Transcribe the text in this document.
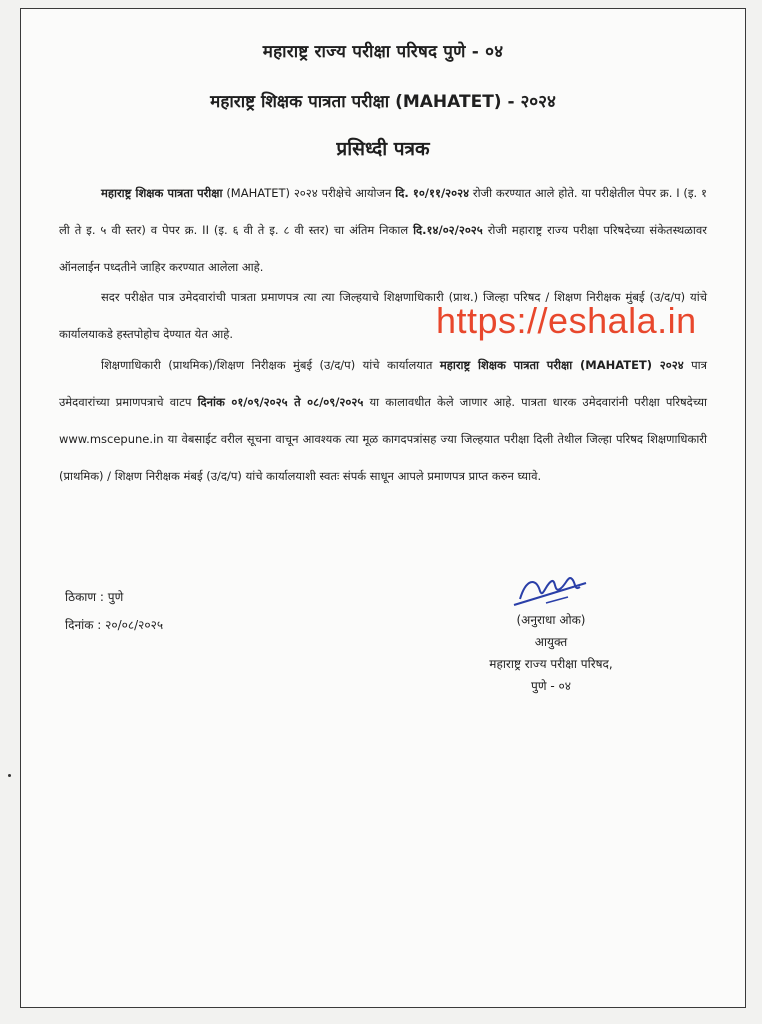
महाराष्ट्र राज्य परीक्षा परिषद पुणे - ०४
महाराष्ट्र शिक्षक पात्रता परीक्षा (MAHATET) - २०२४
प्रसिध्दी पत्रक

महाराष्ट्र शिक्षक पात्रता परीक्षा (MAHATET) २०२४ परीक्षेचे आयोजन दि. १०/११/२०२४ रोजी करण्यात आले होते. या परीक्षेतील पेपर क्र. I (इ. १ ली ते इ. ५ वी स्तर) व पेपर क्र. II (इ. ६ वी ते इ. ८ वी स्तर) चा अंतिम निकाल दि.१४/०२/२०२५ रोजी महाराष्ट्र राज्य परीक्षा परिषदेच्या संकेतस्थळावर ऑनलाईन पध्दतीने जाहिर करण्यात आलेला आहे.

सदर परीक्षेत पात्र उमेदवारांची पात्रता प्रमाणपत्र त्या त्या जिल्हयाचे शिक्षणाधिकारी (प्राथ.) जिल्हा परिषद / शिक्षण निरीक्षक मुंबई (उ/द/प) यांचे कार्यालयाकडे हस्तपोहोच देण्यात येत आहे.

शिक्षणाधिकारी (प्राथमिक)/शिक्षण निरीक्षक मुंबई (उ/द/प) यांचे कार्यालयात महाराष्ट्र शिक्षक पात्रता परीक्षा (MAHATET) २०२४ पात्र उमेदवारांच्या प्रमाणपत्राचे वाटप दिनांक ०१/०९/२०२५ ते ०८/०९/२०२५ या कालावधीत केले जाणार आहे. पात्रता धारक उमेदवारांनी परीक्षा परिषदेच्या www.mscepune.in या वेबसाईट वरील सूचना वाचून आवश्यक त्या मूळ कागदपत्रांसह ज्या जिल्हयात परीक्षा दिली तेथील जिल्हा परिषद शिक्षणाधिकारी (प्राथमिक) / शिक्षण निरीक्षक मंबई (उ/द/प) यांचे कार्यालयाशी स्वतः संपर्क साधून आपले प्रमाणपत्र प्राप्त करुन घ्यावे.

ठिकाण : पुणे
दिनांक : २०/०८/२०२५	(अनुराधा ओक)
आयुक्त
महाराष्ट्र राज्य परीक्षा परिषद,
पुणे - ०४
https://eshala.in
